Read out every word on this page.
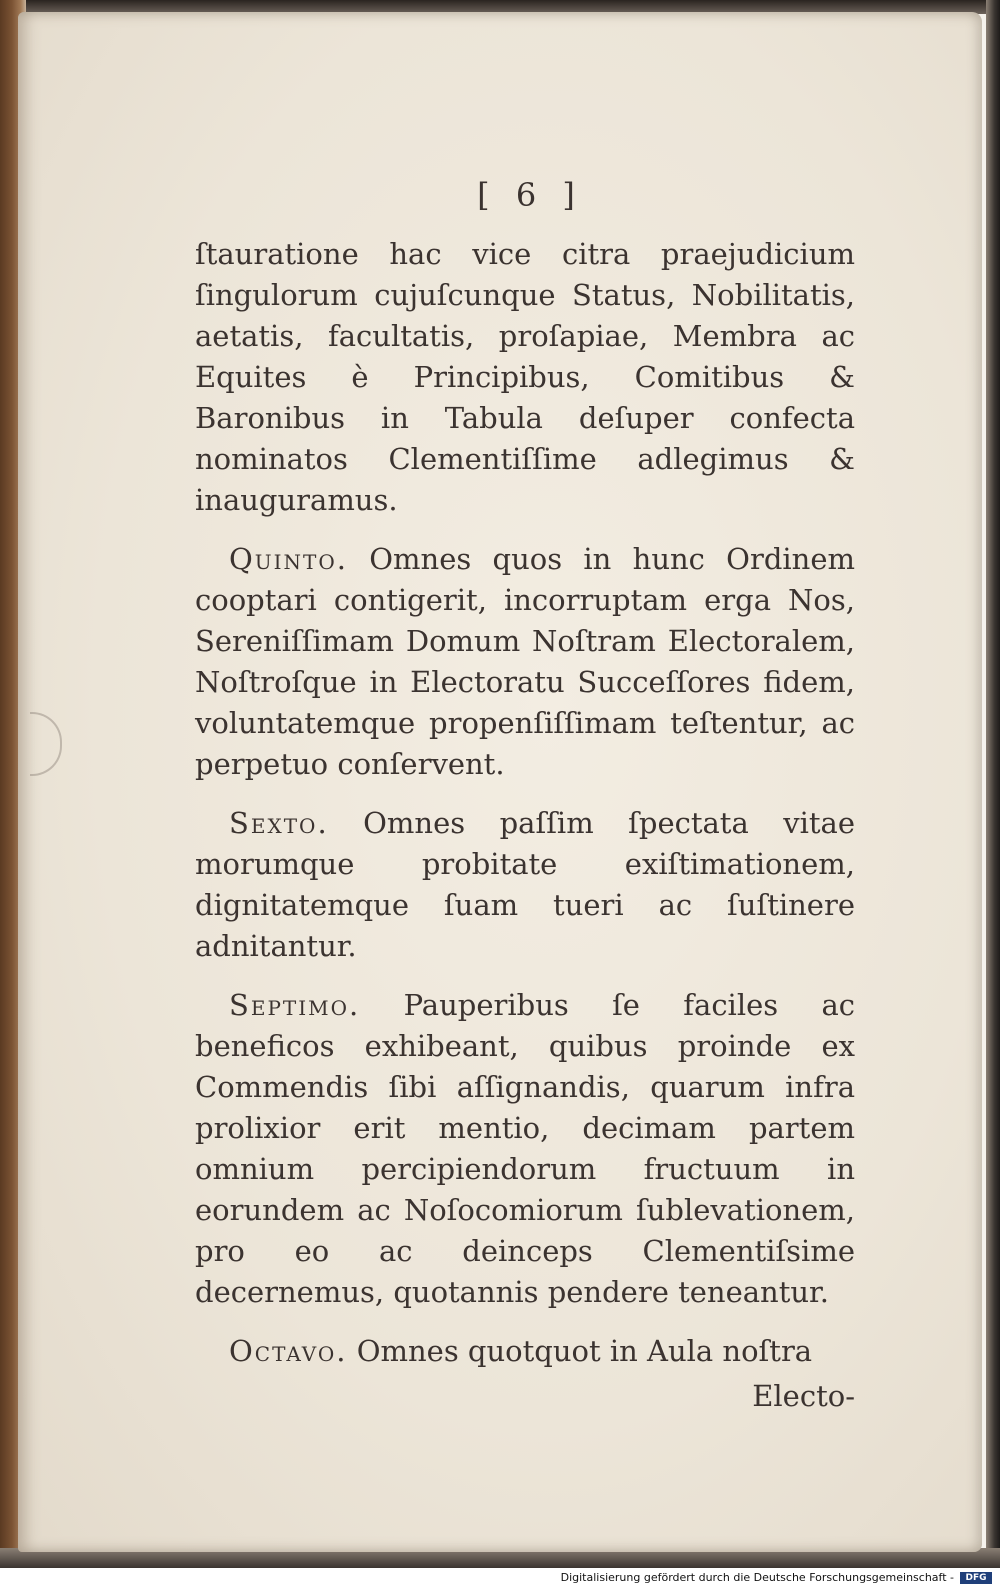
[ 6 ]

ſtauratione hac vice citra praejudicium ſingulorum cujuſcunque Status, Nobilitatis, aetatis, facultatis, proſapiae, Membra ac Equites è Principibus, Comitibus & Baronibus in Tabula deſuper confecta nominatos Clementiſſime adlegimus & inauguramus.

Quinto. Omnes quos in hunc Ordinem cooptari contigerit, incorruptam erga Nos, Sereniſſimam Domum Noſtram Electoralem, Noſtroſque in Electoratu Succeſſores fidem, voluntatemque propenſiſſimam teſtentur, ac perpetuo conſervent.

Sexto. Omnes paſſim ſpectata vitae morumque probitate exiſtimationem, dignitatemque ſuam tueri ac ſuſtinere adnitantur.

Septimo. Pauperibus ſe faciles ac beneficos exhibeant, quibus proinde ex Commendis ſibi aſſignandis, quarum infra prolixior erit mentio, decimam partem omnium percipiendorum fructuum in eorundem ac Noſocomiorum ſublevationem, pro eo ac deinceps Clementiſsime decernemus, quotannis pendere teneantur.

Octavo. Omnes quotquot in Aula noſtra

Electo-
Digitalisierung gefördert durch die Deutsche Forschungsgemeinschaft -	DFG
